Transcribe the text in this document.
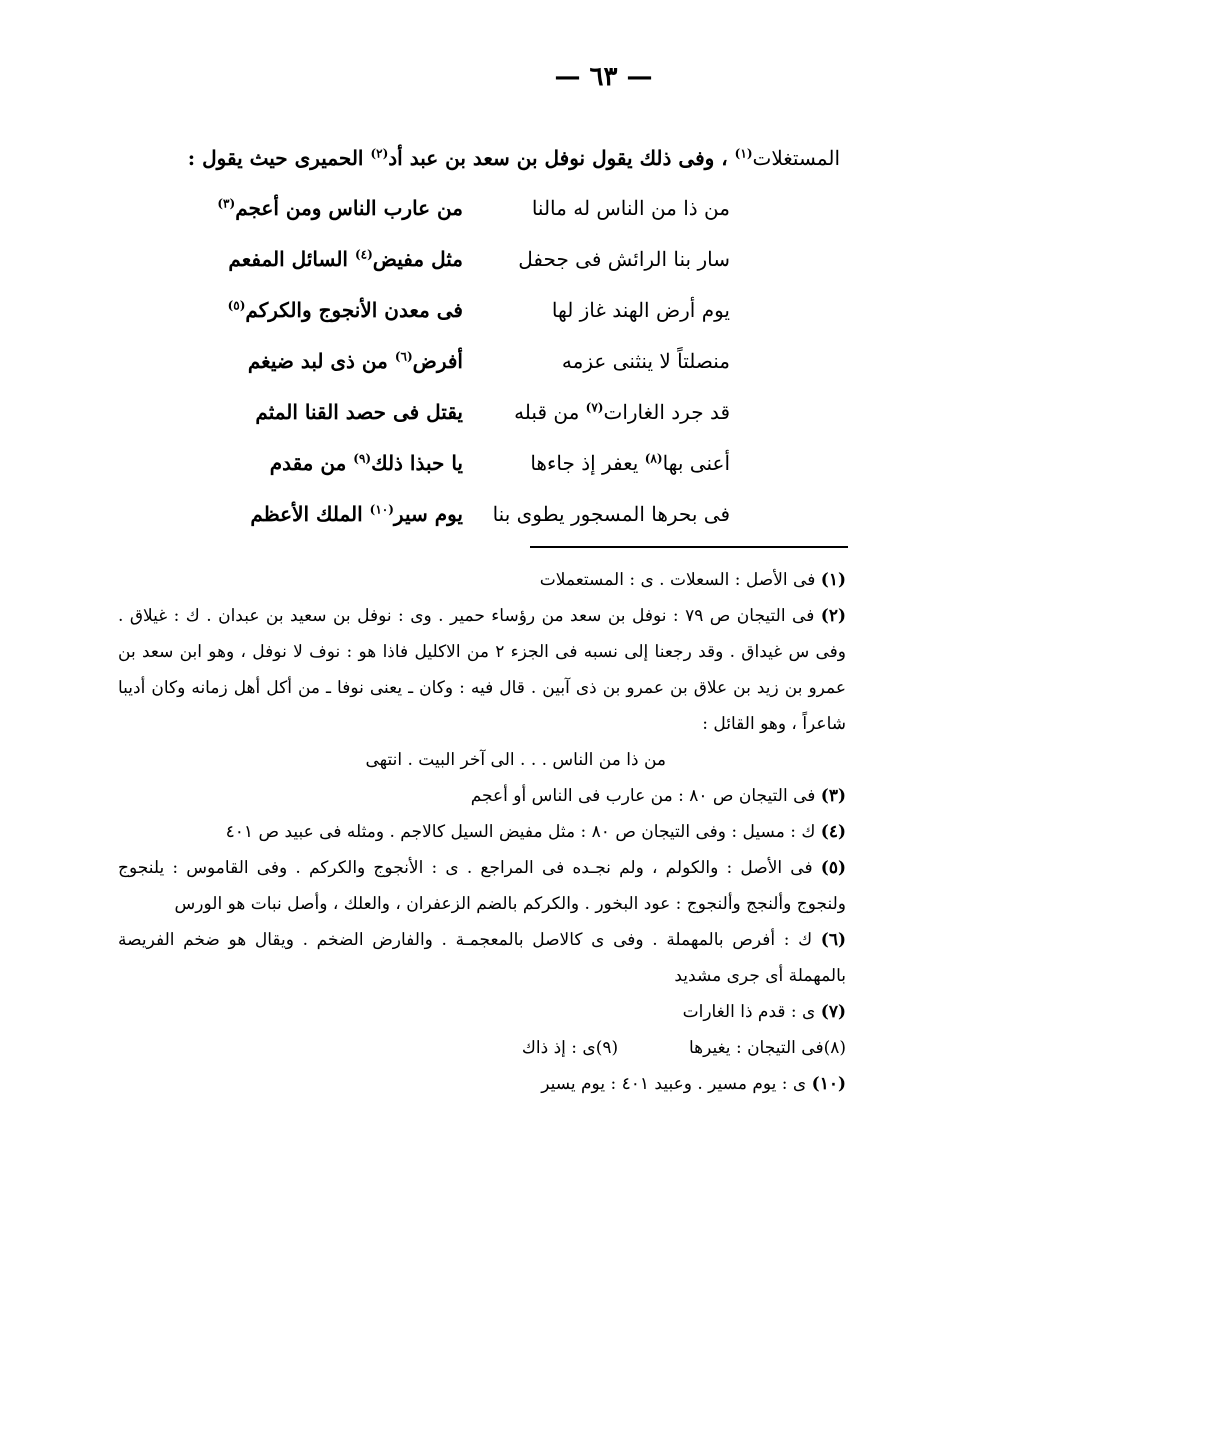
— ٦٣ —
المستغلات$^{(١)}$ ، وفى ذلك يقول نوفل بن سعد بن عبد أد$^{(٢)}$ الحميرى حيث يقول :
من ذا من الناس له مالنا
من عارب الناس ومن أعجم$^{(٣)}$
سار بنا الرائش فى جحفل
مثل مفيض$^{(٤)}$ السائل المفعم
يوم أرض الهند غاز لها
فى معدن الأنجوج والكركم$^{(٥)}$
منصلتاً لا ينثنى عزمه
أفرض$^{(٦)}$ من ذى لبد ضيغم
قد جرد الغارات$^{(٧)}$ من قبله
يقتل فى حصد القنا المثم
أعنى بها$^{(٨)}$ يعفر إذ جاءها
يا حبذا ذلك$^{(٩)}$ من مقدم
فى بحرها المسجور يطوى بنا
يوم سير$^{(١٠)}$ الملك الأعظم
(١) فى الأصل : السعلات . ى : المستعملات
(٢) فى التيجان ص ٧٩ : نوفل بن سعد من رؤساء حمير . وى : نوفل بن سعيد بن عبدان . ك : غيلاق . وفى س غيداق . وقد رجعنا إلى نسبه فى الجزء ٢ من الاكليل فاذا هو : نوف لا نوفل ، وهو ابن سعد بن عمرو بن زيد بن علاق بن عمرو بن ذى آبين . قال فيه : وكان ـ يعنى نوفا ـ من أكل أهل زمانه وكان أديبا شاعراً ، وهو القائل :
من ذا من الناس . . . الى آخر البيت . انتهى
(٣) فى التيجان ص ٨٠ : من عارب فى الناس أو أعجم
(٤) ك : مسيل : وفى التيجان ص ٨٠ : مثل مفيض السيل كالاجم . ومثله فى عبيد ص ٤٠١
(٥) فى الأصل : والكولم ، ولم نجـده فى المراجع . ى : الأنجوج والكركم . وفى القاموس : يلنجوج ولنجوج وألنجج وألنجوج : عود البخور . والكركم بالضم الزعفران ، والعلك ، وأصل نبات هو الورس
(٦) ك : أفرص بالمهملة . وفى ى كالاصل بالمعجمـة . والفارض الضخم . ويقال هو ضخم الفريصة بالمهملة أى جرى مشديد
(٧) ى : قدم ذا الغارات
(٨)فى التيجان : يغيرها  (٩)ى : إذ ذاك
(١٠) ى : يوم مسير . وعبيد ٤٠١ : يوم يسير
